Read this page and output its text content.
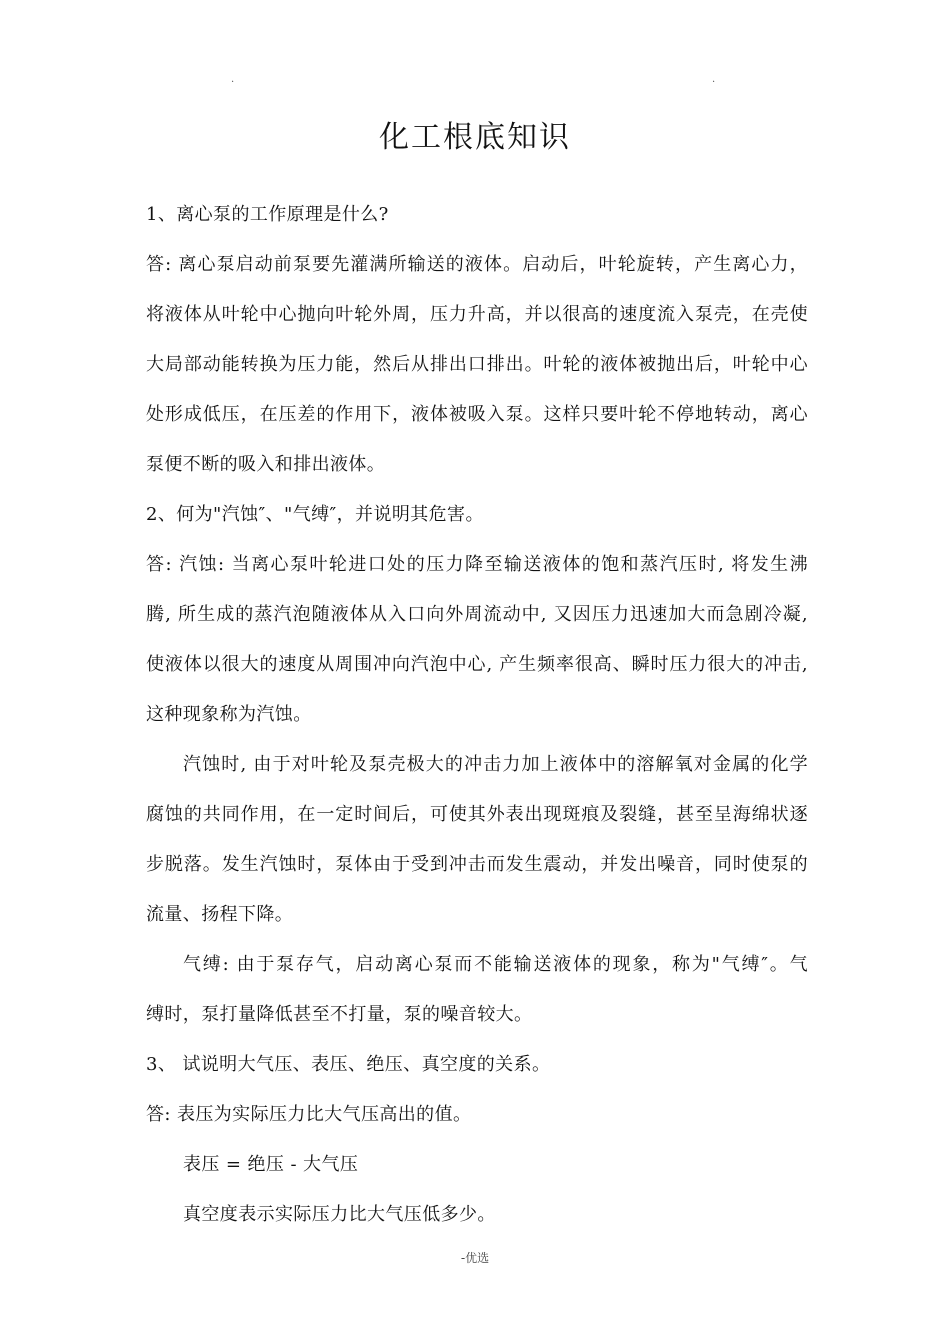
.	.
化工根底知识
1、离心泵的工作原理是什么?
答: 离心泵启动前泵要先灌满所输送的液体。启动后，叶轮旋转，产生离心力，
将液体从叶轮中心抛向叶轮外周，压力升高，并以很高的速度流入泵壳，在壳使
大局部动能转换为压力能，然后从排出口排出。叶轮的液体被抛出后，叶轮中心
处形成低压，在压差的作用下，液体被吸入泵。这样只要叶轮不停地转动，离心
泵便不断的吸入和排出液体。
2、何为"汽蚀″、"气缚″，并说明其危害。
答: 汽蚀: 当离心泵叶轮进口处的压力降至输送液体的饱和蒸汽压时, 将发生沸
腾, 所生成的蒸汽泡随液体从入口向外周流动中, 又因压力迅速加大而急剧冷凝,
使液体以很大的速度从周围冲向汽泡中心, 产生频率很高、瞬时压力很大的冲击,
这种现象称为汽蚀。
汽蚀时, 由于对叶轮及泵壳极大的冲击力加上液体中的溶解氧对金属的化学
腐蚀的共同作用，在一定时间后，可使其外表出现斑痕及裂缝，甚至呈海绵状逐
步脱落。发生汽蚀时，泵体由于受到冲击而发生震动，并发出噪音，同时使泵的
流量、扬程下降。
气缚: 由于泵存气，启动离心泵而不能输送液体的现象，称为"气缚″。气
缚时，泵打量降低甚至不打量，泵的噪音较大。
3、 试说明大气压、表压、绝压、真空度的关系。
答: 表压为实际压力比大气压高出的值。
表压 = 绝压 - 大气压
真空度表示实际压力比大气压低多少。
-优选
